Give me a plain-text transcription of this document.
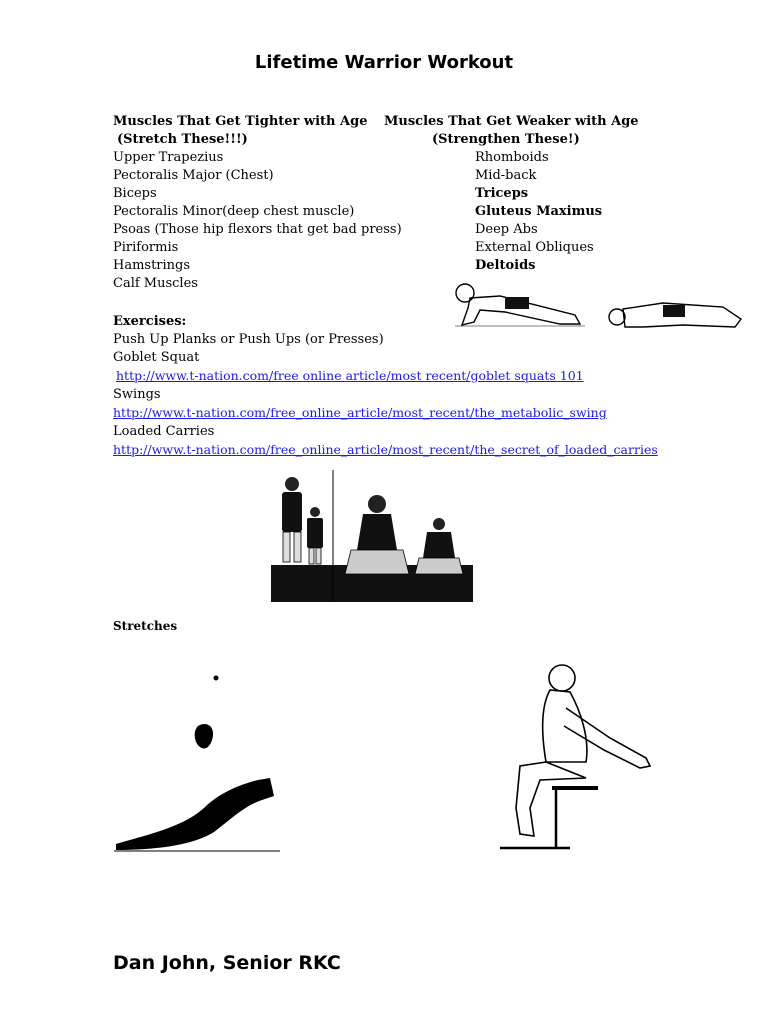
Lifetime Warrior Workout
Muscles That Get Tighter with Age
(Stretch These!!!)
Upper Trapezius
Pectoralis Major (Chest)
Biceps
Pectoralis Minor(deep chest muscle)
Psoas (Those hip flexors that get bad press)
Piriformis
Hamstrings
Calf Muscles
Muscles That Get Weaker with Age
(Strengthen These!)
Rhomboids
Mid-back
Triceps
Gluteus Maximus
Deep Abs
External Obliques
Deltoids
Exercises:
Push Up Planks or Push Ups (or Presses)
Goblet Squat
http://www.t-nation.com/free online article/most recent/goblet squats 101
Swings
http://www.t-nation.com/free_online_article/most_recent/the_metabolic_swing
Loaded Carries
http://www.t-nation.com/free_online_article/most_recent/the_secret_of_loaded_carries
Stretches
Dan John, Senior RKC
